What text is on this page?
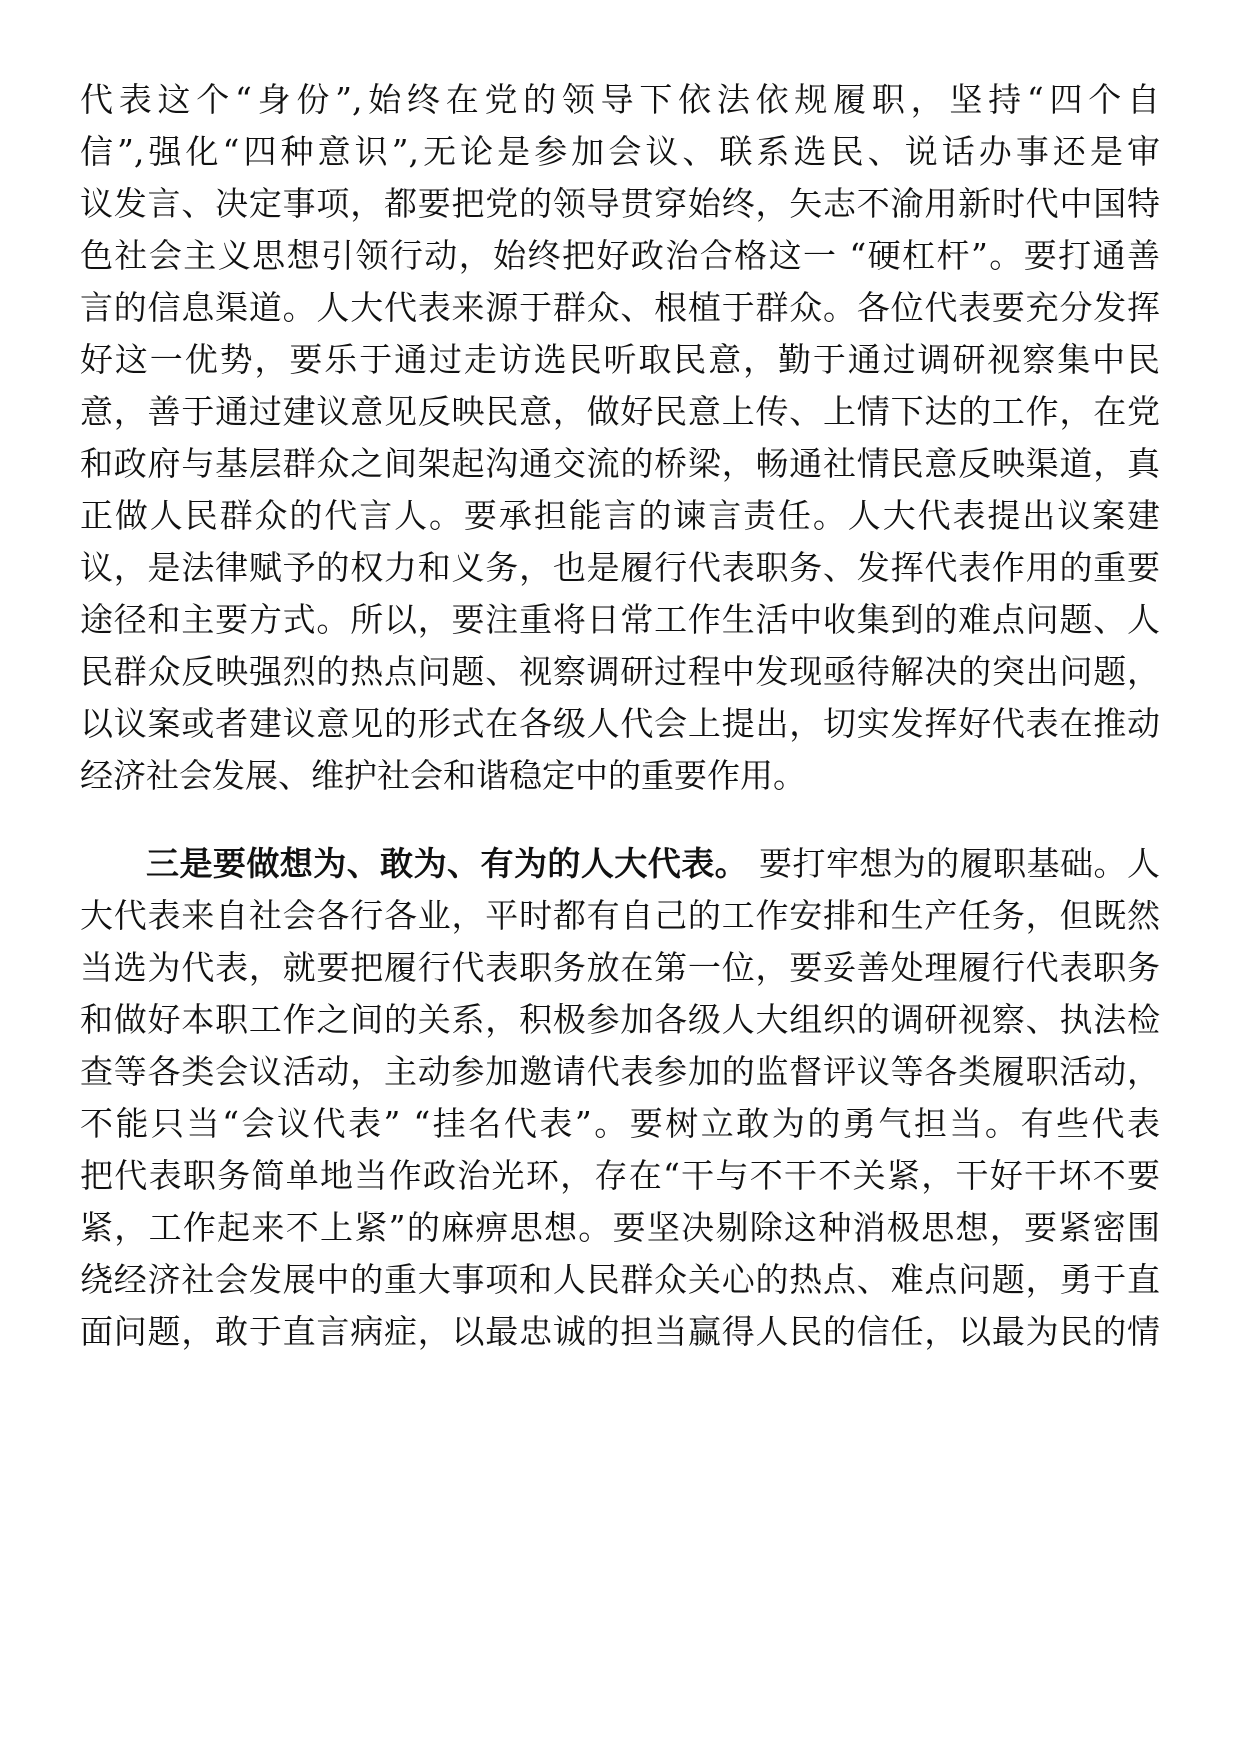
代表这个“身份”,始终在党的领导下依法依规履职，坚持“四个自
信”,强化“四种意识”,无论是参加会议、联系选民、说话办事还是审
议发言、决定事项，都要把党的领导贯穿始终，矢志不渝用新时代中国特
色社会主义思想引领行动，始终把好政治合格这一 “硬杠杆”。要打通善
言的信息渠道。人大代表来源于群众、根植于群众。各位代表要充分发挥
好这一优势，要乐于通过走访选民听取民意，勤于通过调研视察集中民
意，善于通过建议意见反映民意，做好民意上传、上情下达的工作，在党
和政府与基层群众之间架起沟通交流的桥梁，畅通社情民意反映渠道，真
正做人民群众的代言人。要承担能言的谏言责任。人大代表提出议案建
议，是法律赋予的权力和义务，也是履行代表职务、发挥代表作用的重要
途径和主要方式。所以，要注重将日常工作生活中收集到的难点问题、人
民群众反映强烈的热点问题、视察调研过程中发现亟待解决的突出问题，
以议案或者建议意见的形式在各级人代会上提出，切实发挥好代表在推动
经济社会发展、维护社会和谐稳定中的重要作用。
三是要做想为、敢为、有为的人大代表。 要打牢想为的履职基础。人
大代表来自社会各行各业，平时都有自己的工作安排和生产任务，但既然
当选为代表，就要把履行代表职务放在第一位，要妥善处理履行代表职务
和做好本职工作之间的关系，积极参加各级人大组织的调研视察、执法检
查等各类会议活动，主动参加邀请代表参加的监督评议等各类履职活动，
不能只当“会议代表” “挂名代表”。要树立敢为的勇气担当。有些代表
把代表职务简单地当作政治光环，存在“干与不干不关紧，干好干坏不要
紧，工作起来不上紧”的麻痹思想。要坚决剔除这种消极思想，要紧密围
绕经济社会发展中的重大事项和人民群众关心的热点、难点问题，勇于直
面问题，敢于直言病症，以最忠诚的担当赢得人民的信任，以最为民的情
